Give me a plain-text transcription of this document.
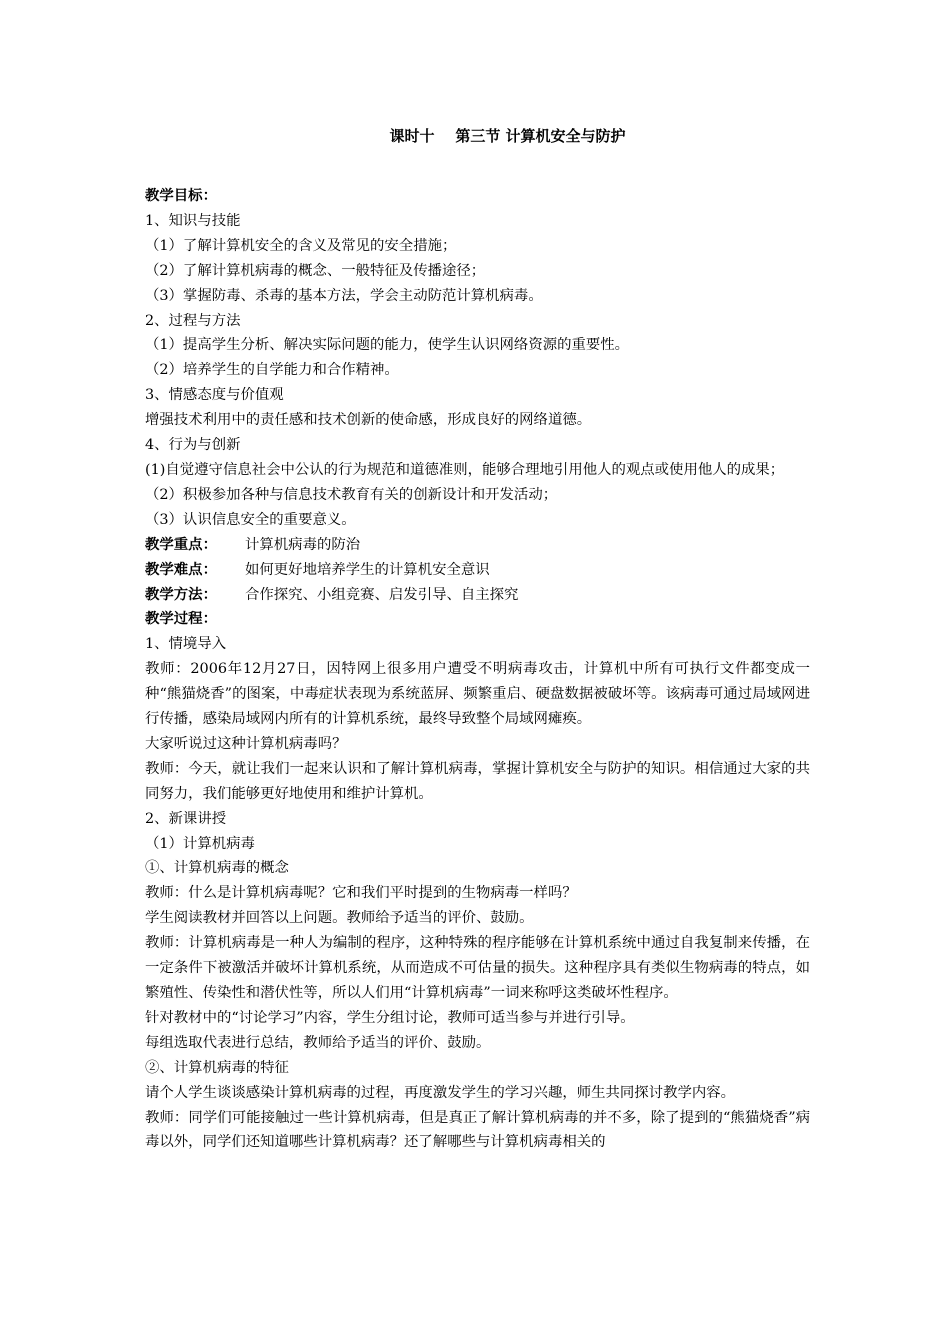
课时十    第三节 计算机安全与防护
教学目标：
1、知识与技能
（1）了解计算机安全的含义及常见的安全措施；
（2）了解计算机病毒的概念、一般特征及传播途径；
（3）掌握防毒、杀毒的基本方法，学会主动防范计算机病毒。
2、过程与方法
（1）提高学生分析、解决实际问题的能力，使学生认识网络资源的重要性。
（2）培养学生的自学能力和合作精神。
3、情感态度与价值观
增强技术利用中的责任感和技术创新的使命感，形成良好的网络道德。
4、行为与创新
(1)自觉遵守信息社会中公认的行为规范和道德准则，能够合理地引用他人的观点或使用他人的成果；
（2）积极参加各种与信息技术教育有关的创新设计和开发活动；
（3）认识信息安全的重要意义。
教学重点：	计算机病毒的防治
教学难点：	如何更好地培养学生的计算机安全意识
教学方法：	合作探究、小组竞赛、启发引导、自主探究
教学过程：
1、情境导入
教师：2006年12月27日，因特网上很多用户遭受不明病毒攻击，计算机中所有可执行文件都变成一种“熊猫烧香”的图案，中毒症状表现为系统蓝屏、频繁重启、硬盘数据被破坏等。该病毒可通过局域网进行传播，感染局域网内所有的计算机系统，最终导致整个局域网瘫痪。
大家听说过这种计算机病毒吗？
教师：今天，就让我们一起来认识和了解计算机病毒，掌握计算机安全与防护的知识。相信通过大家的共同努力，我们能够更好地使用和维护计算机。
2、新课讲授
（1）计算机病毒
①、计算机病毒的概念
教师：什么是计算机病毒呢？它和我们平时提到的生物病毒一样吗？
学生阅读教材并回答以上问题。教师给予适当的评价、鼓励。
教师：计算机病毒是一种人为编制的程序，这种特殊的程序能够在计算机系统中通过自我复制来传播，在一定条件下被激活并破坏计算机系统，从而造成不可估量的损失。这种程序具有类似生物病毒的特点，如繁殖性、传染性和潜伏性等，所以人们用“计算机病毒”一词来称呼这类破坏性程序。
针对教材中的“讨论学习”内容，学生分组讨论，教师可适当参与并进行引导。
每组选取代表进行总结，教师给予适当的评价、鼓励。
②、计算机病毒的特征
请个人学生谈谈感染计算机病毒的过程，再度激发学生的学习兴趣，师生共同探讨教学内容。
教师：同学们可能接触过一些计算机病毒，但是真正了解计算机病毒的并不多，除了提到的“熊猫烧香”病毒以外，同学们还知道哪些计算机病毒？还了解哪些与计算机病毒相关的
